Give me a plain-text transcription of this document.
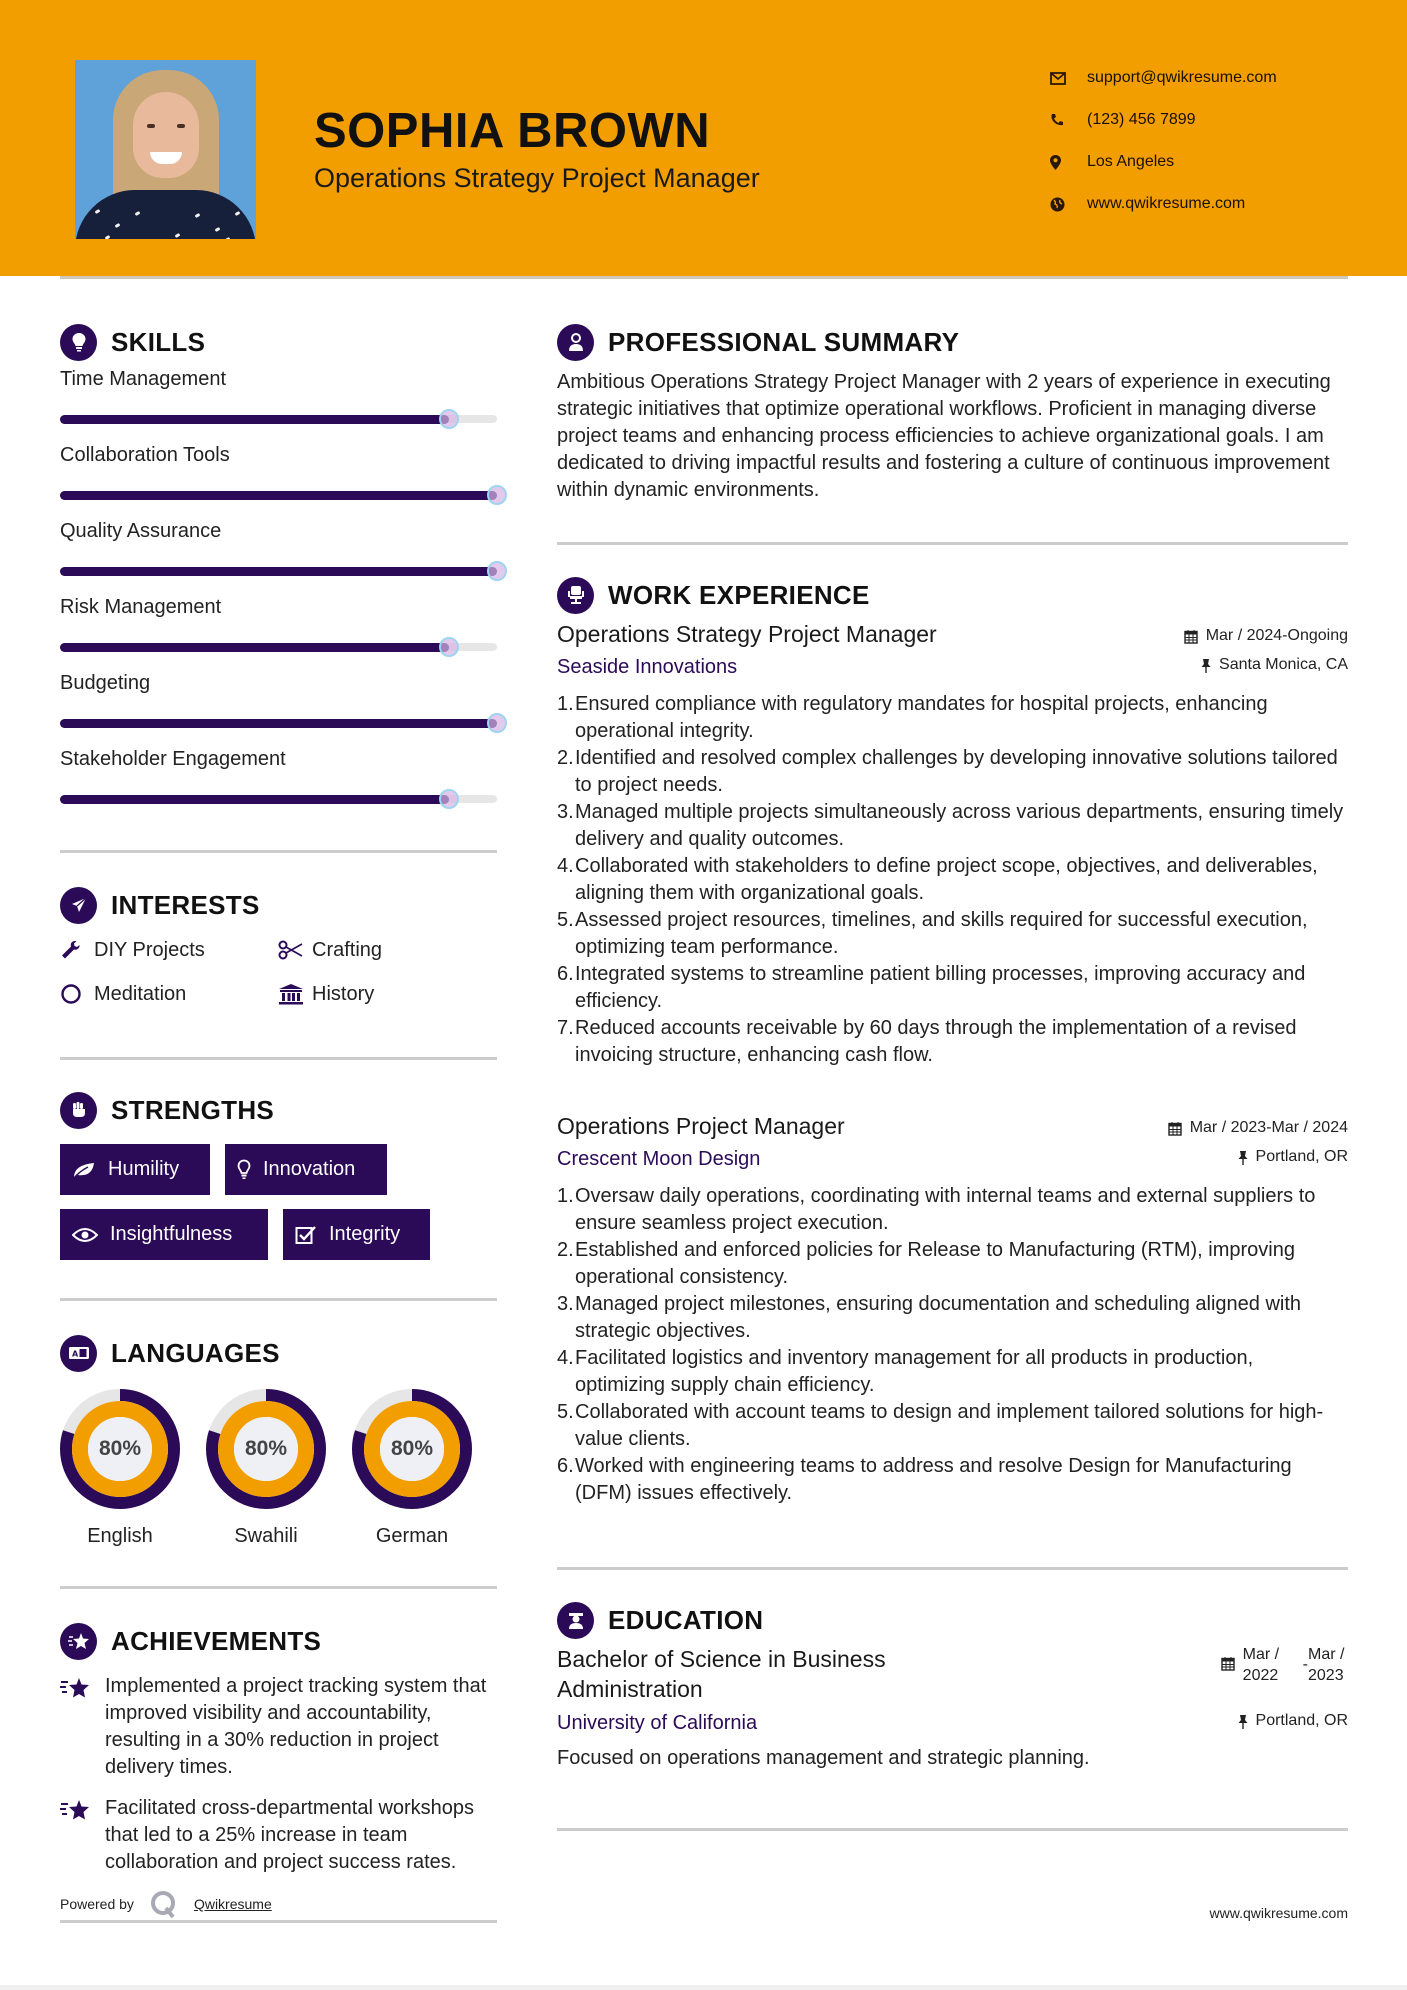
SOPHIA BROWN
Operations Strategy Project Manager
support@qwikresume.com
(123) 456 7899
Los Angeles
www.qwikresume.com
SKILLS
Time Management
Collaboration Tools
Quality Assurance
Risk Management
Budgeting
Stakeholder Engagement
INTERESTS
DIY Projects	Crafting
Meditation	History
STRENGTHS
Humility	Innovation
Insightfulness	Integrity
A LANGUAGES
80%
English
80%
Swahili
80%
German
ACHIEVEMENTS
Implemented a project tracking system that improved visibility and accountability, resulting in a 30% reduction in project delivery times.
Facilitated cross-departmental workshops that led to a 25% increase in team collaboration and project success rates.
Powered by	Qwikresume
PROFESSIONAL SUMMARY

Ambitious Operations Strategy Project Manager with 2 years of experience in executing strategic initiatives that optimize operational workflows. Proficient in managing diverse project teams and enhancing process efficiencies to achieve organizational goals. I am dedicated to driving impactful results and fostering a culture of continuous improvement within dynamic environments.

WORK EXPERIENCE
Operations Strategy Project Manager	Mar / 2024-Ongoing
Seaside Innovations	Santa Monica, CA
1. Ensured compliance with regulatory mandates for hospital projects, enhancing operational integrity.
2. Identified and resolved complex challenges by developing innovative solutions tailored to project needs.
3. Managed multiple projects simultaneously across various departments, ensuring timely delivery and quality outcomes.
4. Collaborated with stakeholders to define project scope, objectives, and deliverables, aligning them with organizational goals.
5. Assessed project resources, timelines, and skills required for successful execution, optimizing team performance.
6. Integrated systems to streamline patient billing processes, improving accuracy and efficiency.
7. Reduced accounts receivable by 60 days through the implementation of a revised invoicing structure, enhancing cash flow.
Operations Project Manager	Mar / 2023-Mar / 2024
Crescent Moon Design	Portland, OR
1. Oversaw daily operations, coordinating with internal teams and external suppliers to ensure seamless project execution.
2. Established and enforced policies for Release to Manufacturing (RTM), improving operational consistency.
3. Managed project milestones, ensuring documentation and scheduling aligned with strategic objectives.
4. Facilitated logistics and inventory management for all products in production, optimizing supply chain efficiency.
5. Collaborated with account teams to design and implement tailored solutions for high-value clients.
6. Worked with engineering teams to address and resolve Design for Manufacturing (DFM) issues effectively.
EDUCATION
Bachelor of Science in Business
Administration
Mar /
2022
-
Mar /
2023
University of California	Portland, OR

Focused on operations management and strategic planning.

www.qwikresume.com
